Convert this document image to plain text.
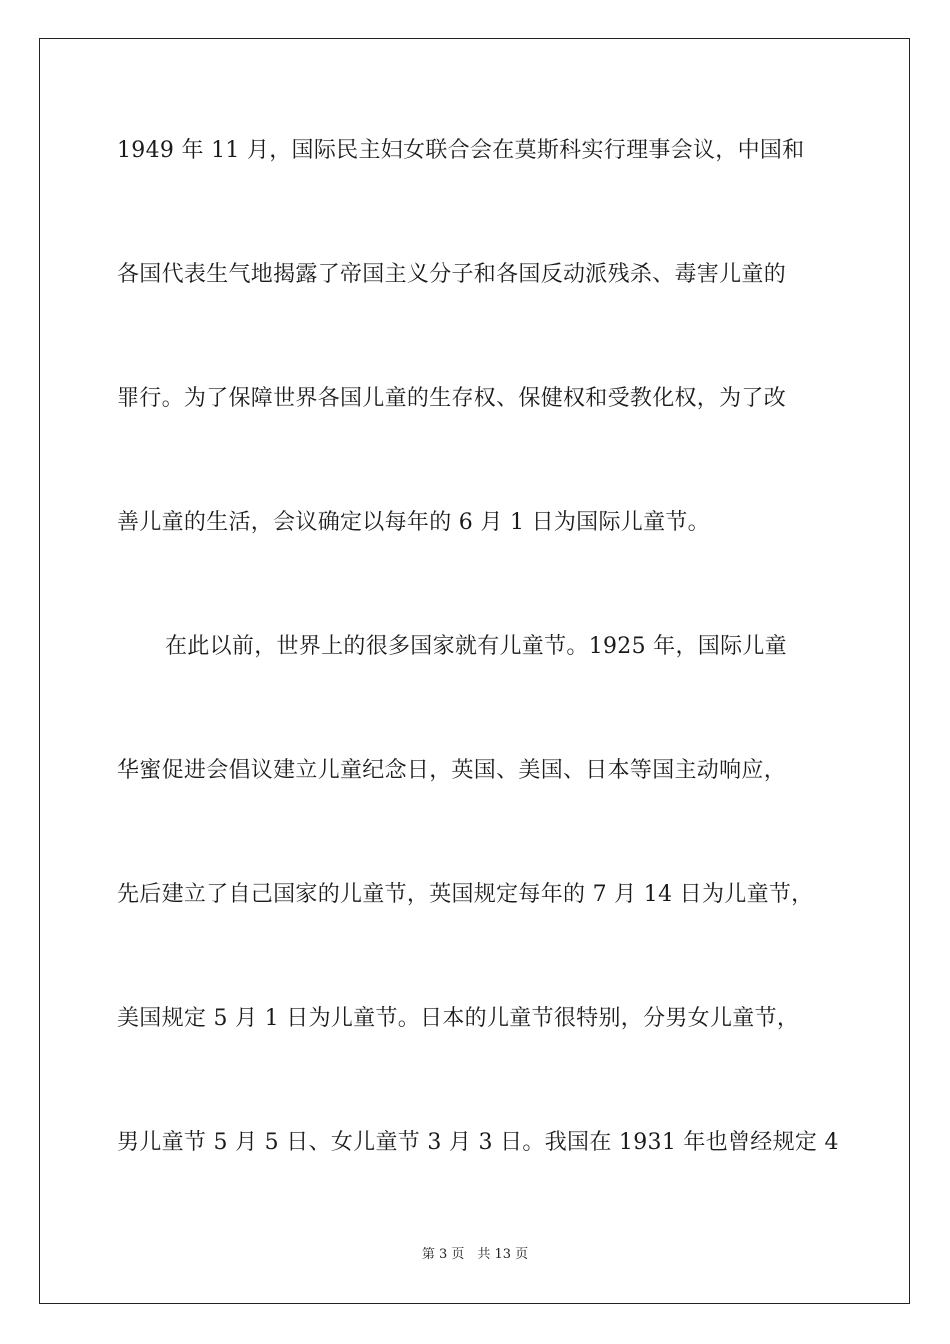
1949 年 11 月，国际民主妇女联合会在莫斯科实行理事会议，中国和
各国代表生气地揭露了帝国主义分子和各国反动派残杀、毒害儿童的
罪行。为了保障世界各国儿童的生存权、保健权和受教化权，为了改
善儿童的生活，会议确定以每年的 6 月 1 日为国际儿童节。
在此以前，世界上的很多国家就有儿童节。1925 年，国际儿童
华蜜促进会倡议建立儿童纪念日，英国、美国、日本等国主动响应，
先后建立了自己国家的儿童节，英国规定每年的 7 月 14 日为儿童节，
美国规定 5 月 1 日为儿童节。日本的儿童节很特别，分男女儿童节，
男儿童节 5 月 5 日、女儿童节 3 月 3 日。我国在 1931 年也曾经规定 4
第 3 页　共 13 页
